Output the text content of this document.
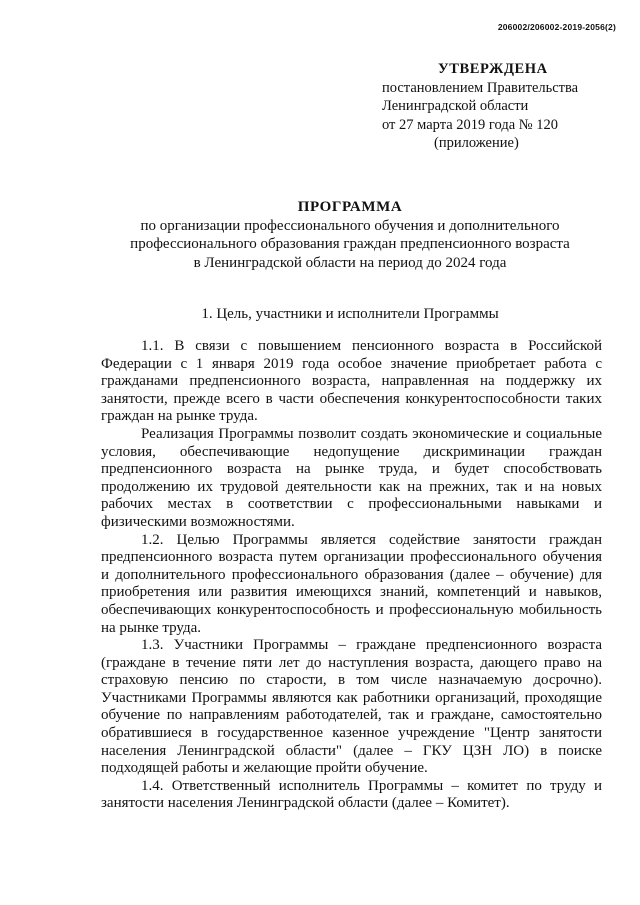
206002/206002-2019-2056(2)
УТВЕРЖДЕНА
постановлением Правительства
Ленинградской области
от 27 марта 2019 года № 120
(приложение)
ПРОГРАММА
по организации профессионального обучения и дополнительного
профессионального образования граждан предпенсионного возраста
в Ленинградской области на период до 2024 года
1. Цель, участники и исполнители Программы

1.1. В связи с повышением пенсионного возраста в Российской Федерации с 1 января 2019 года особое значение приобретает работа с гражданами предпенсионного возраста, направленная на поддержку их занятости, прежде всего в части обеспечения конкурентоспособности таких граждан на рынке труда.

Реализация Программы позволит создать экономические и социальные условия, обеспечивающие недопущение дискриминации граждан предпенсионного возраста на рынке труда, и будет способствовать продолжению их трудовой деятельности как на прежних, так и на новых рабочих местах в соответствии с профессиональными навыками и физическими возможностями.

1.2. Целью Программы является содействие занятости граждан предпенсионного возраста путем организации профессионального обучения и дополнительного профессионального образования (далее – обучение) для приобретения или развития имеющихся знаний, компетенций и навыков, обеспечивающих конкурентоспособность и профессиональную мобильность на рынке труда.

1.3. Участники Программы – граждане предпенсионного возраста (граждане в течение пяти лет до наступления возраста, дающего право на страховую пенсию по старости, в том числе назначаемую досрочно). Участниками Программы являются как работники организаций, проходящие обучение по направлениям работодателей, так и граждане, самостоятельно обратившиеся в государственное казенное учреждение "Центр занятости населения Ленинградской области" (далее – ГКУ ЦЗН ЛО) в поиске подходящей работы и желающие пройти обучение.

1.4. Ответственный исполнитель Программы – комитет по труду и занятости населения Ленинградской области (далее – Комитет).
